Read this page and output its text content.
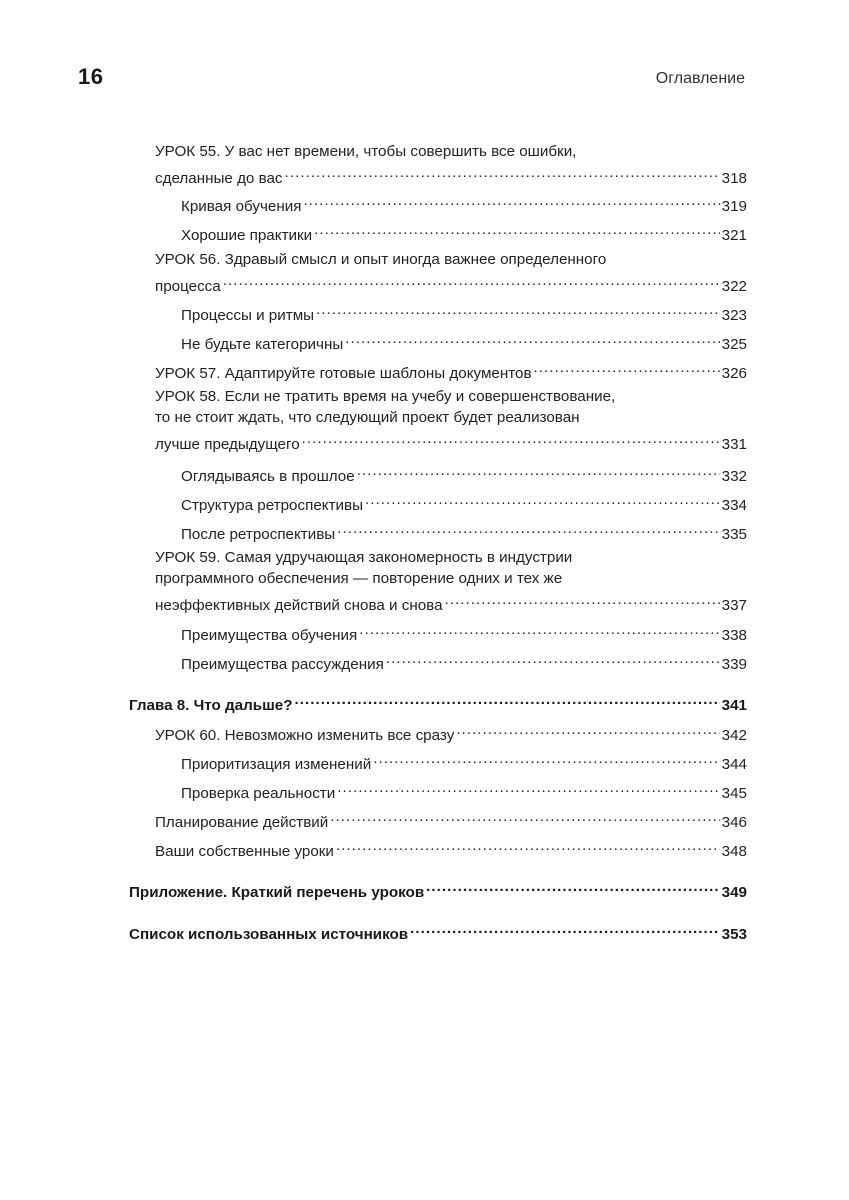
16	Оглавление
УРОК 55. У вас нет времени, чтобы совершить все ошибки,
сделанные до вас . . .	318
Кривая обучения . . .	319
Хорошие практики . . .	321
УРОК 56. Здравый смысл и опыт иногда важнее определенного
процесса . . .	322
Процессы и ритмы . . .	323
Не будьте категоричны . . .	325
УРОК 57. Адаптируйте готовые шаблоны документов . . .	326
УРОК 58. Если не тратить время на учебу и совершенствование,
то не стоит ждать, что следующий проект будет реализован
лучше предыдущего . . .	331
Оглядываясь в прошлое . . .	332
Структура ретроспективы . . .	334
После ретроспективы . . .	335
УРОК 59. Самая удручающая закономерность в индустрии
программного обеспечения — повторение одних и тех же
неэффективных действий снова и снова . . .	337
Преимущества обучения . . .	338
Преимущества рассуждения . . .	339
Глава 8. Что дальше? . . .	341
УРОК 60. Невозможно изменить все сразу . . .	342
Приоритизация изменений . . .	344
Проверка реальности . . .	345
Планирование действий . . .	346
Ваши собственные уроки . . .	348
Приложение. Краткий перечень уроков . . .	349
Список использованных источников . . .	353
